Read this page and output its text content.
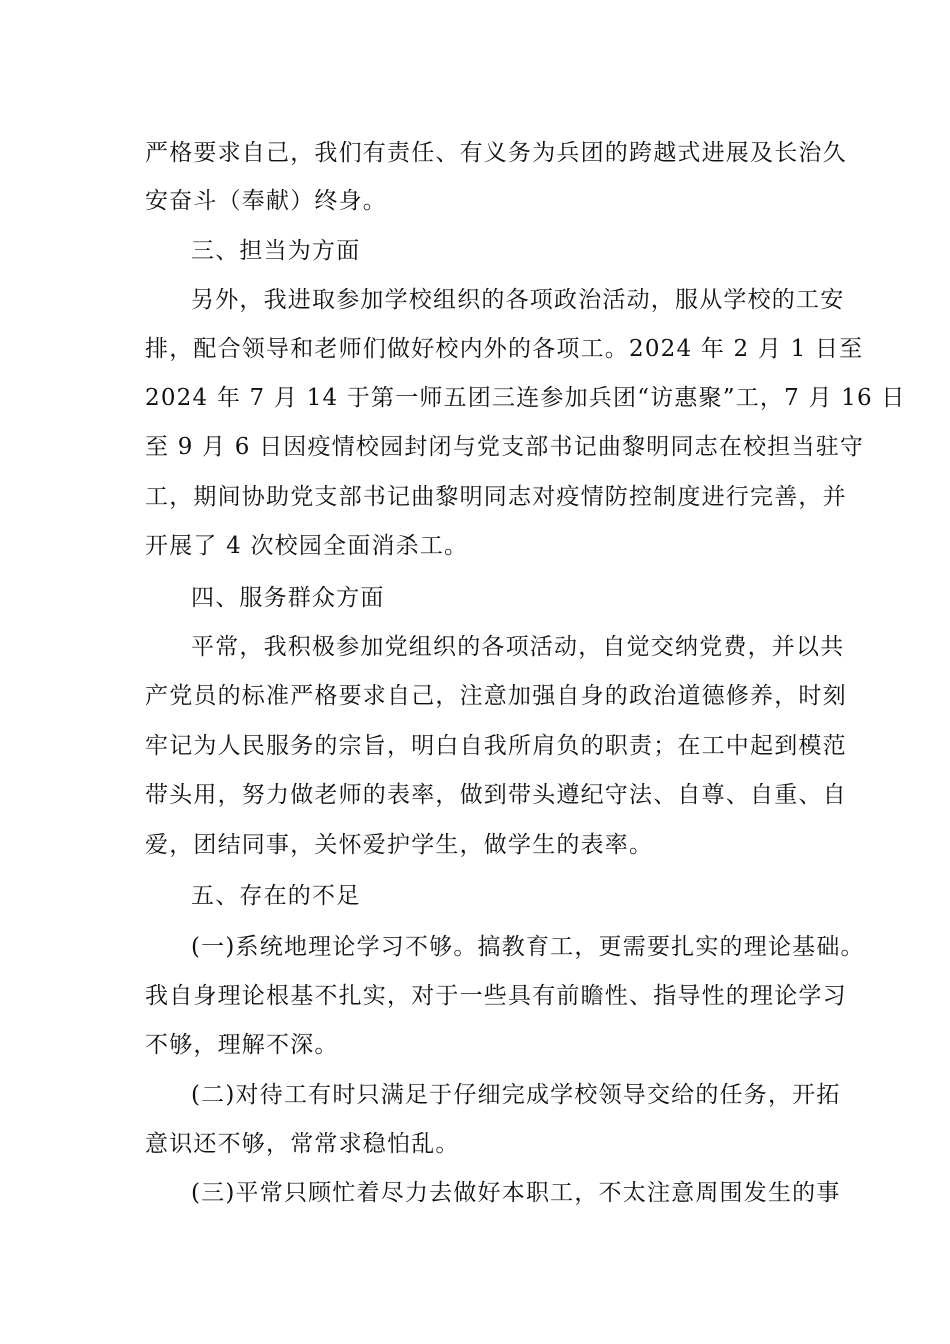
严格要求自己，我们有责任、有义务为兵团的跨越式进展及长治久
安奋斗（奉献）终身。
三、担当为方面
另外，我进取参加学校组织的各项政治活动，服从学校的工安
排，配合领导和老师们做好校内外的各项工。2024 年 2 月 1 日至
2024 年 7 月 14 于第一师五团三连参加兵团“访惠聚”工，7 月 16 日
至 9 月 6 日因疫情校园封闭与党支部书记曲黎明同志在校担当驻守
工，期间协助党支部书记曲黎明同志对疫情防控制度进行完善，并
开展了 4 次校园全面消杀工。
四、服务群众方面
平常，我积极参加党组织的各项活动，自觉交纳党费，并以共
产党员的标准严格要求自己，注意加强自身的政治道德修养，时刻
牢记为人民服务的宗旨，明白自我所肩负的职责；在工中起到模范
带头用，努力做老师的表率，做到带头遵纪守法、自尊、自重、自
爱，团结同事，关怀爱护学生，做学生的表率。
五、存在的不足
(一)系统地理论学习不够。搞教育工，更需要扎实的理论基础。
我自身理论根基不扎实，对于一些具有前瞻性、指导性的理论学习
不够，理解不深。
(二)对待工有时只满足于仔细完成学校领导交给的任务，开拓
意识还不够，常常求稳怕乱。
(三)平常只顾忙着尽力去做好本职工，不太注意周围发生的事
